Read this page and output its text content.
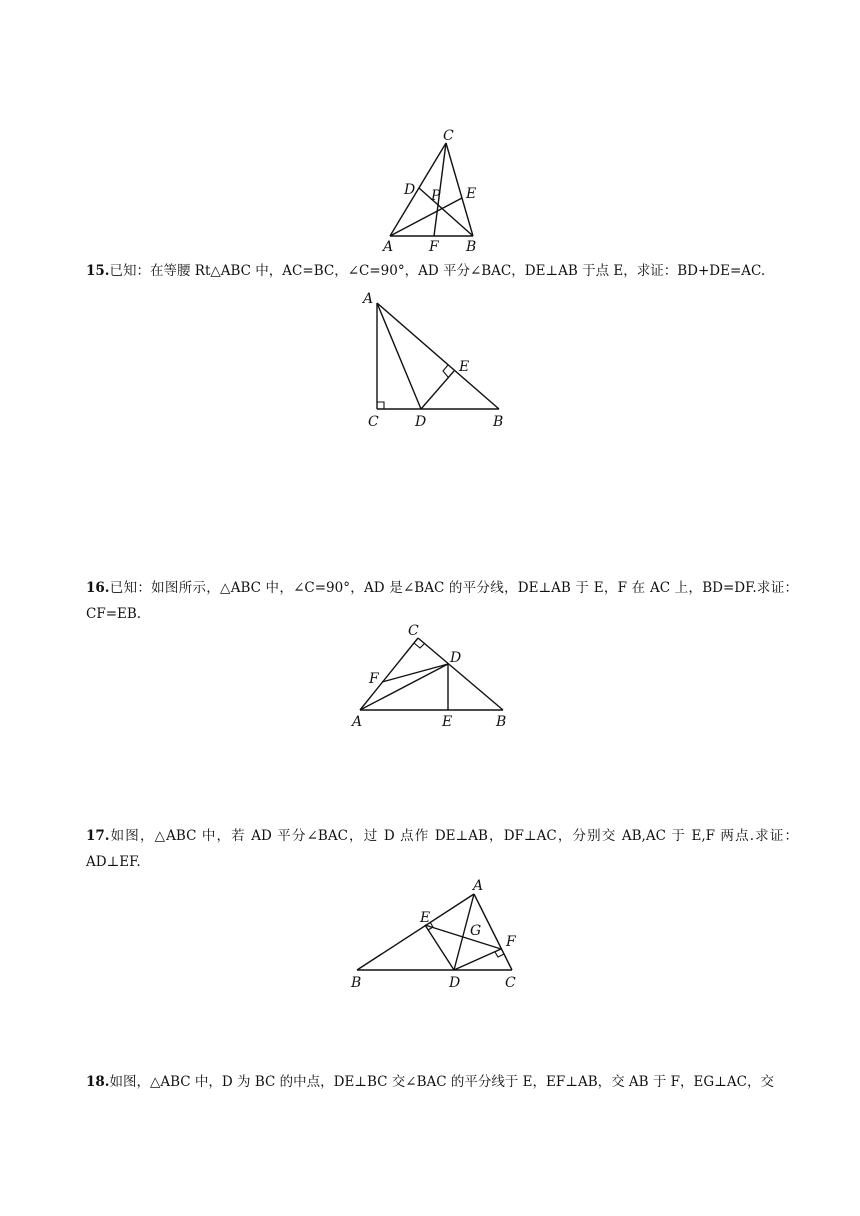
C
D P E
A	F B

15.已知：在等腰 Rt△ABC 中，AC=BC，∠C=90°，AD 平分∠BAC，DE⊥AB 于点 E，求证：BD+DE=AC.

A
E
C	D	B

16.已知：如图所示，△ABC 中，∠C=90°，AD 是∠BAC 的平分线，DE⊥AB 于 E，F 在 AC 上，BD=DF.求证：CF=EB.

C
D
F
A	E	B

17.如图，△ABC 中，若 AD 平分∠BAC，过 D 点作 DE⊥AB，DF⊥AC，分别交 AB,AC 于 E,F 两点.求证：AD⊥EF.

A
E
G
F
B	D	C

18.如图，△ABC 中，D 为 BC 的中点，DE⊥BC 交∠BAC 的平分线于 E，EF⊥AB，交 AB 于 F，EG⊥AC，交
